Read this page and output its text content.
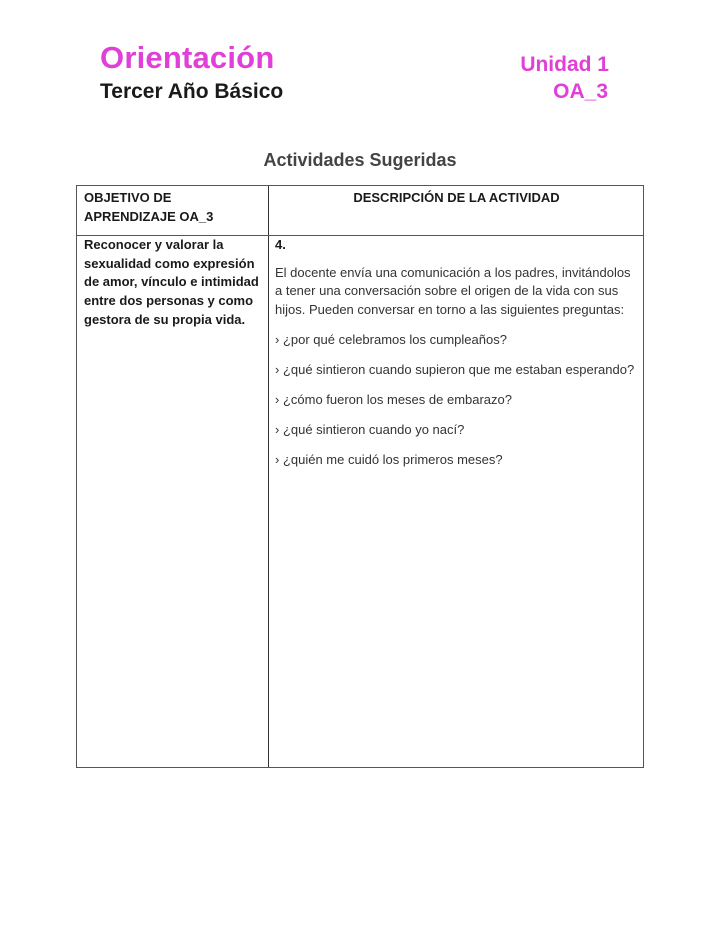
Orientación
Tercer Año Básico
Unidad 1
OA_3
Actividades Sugeridas
OBJETIVO DE APRENDIZAJE OA_3
DESCRIPCIÓN DE LA ACTIVIDAD
Reconocer y valorar la sexualidad como expresión de amor, vínculo e intimidad entre dos personas y como gestora de su propia vida.
4.

El docente envía una comunicación a los padres, invitándolos a tener una conversación sobre el origen de la vida con sus hijos. Pueden conversar en torno a las siguientes preguntas:

› ¿por qué celebramos los cumpleaños?

› ¿qué sintieron cuando supieron que me estaban esperando?

› ¿cómo fueron los meses de embarazo?

› ¿qué sintieron cuando yo nací?

› ¿quién me cuidó los primeros meses?
